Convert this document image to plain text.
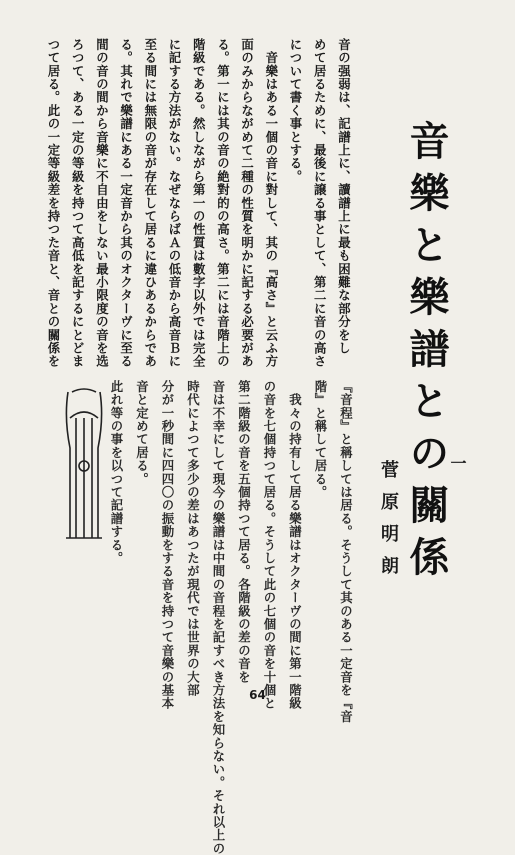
音の强弱は、記譜上に、讀譜上に最も困難な部分をし
めて居るために、最後に譲る事として、第二に音の高さ
について書く事とする。
　音樂はある一個の音に對して、其の『高さ』と云ふ方
面のみからながめて二種の性質を明かに記する必要があ
る。第一には其の音の絶對的の高さ。第二には音階上の
階級である。然しながら第一の性質は數字以外では完全
に記する方法がない。なぜならばＡの低音から高音Ｂに
至る間には無限の音が存在して居るに違ひあるからであ
る。其れで樂譜にある一定音から其のオクターヴに至る
間の音の間から音樂に不自由をしない最小限度の音を选
ろつて、ある一定の等級を持つて高低を記するにとどま
つて居る。此の一定等級差を持つた音と、音との關係を	音樂と樂譜との關係
一
菅原明朗
『音程』と稱しては居る。そうして其のある一定音を『音
階』と稱して居る。
　我々の持有して居る樂譜はオクターヴの間に第一階級
の音を七個持つて居る。そうして此の七個の音を十個と
第二階級の音を五個持つて居る。各階級の差の音を
音は不幸にして現今の樂譜は中間の音程を記すべき方法を知らない。それ以上の
時代によつて多少の差はあつたが現代では世界の大部
分が一秒間に四四〇の振動をする音を持つて音樂の基本
音と定めて居る。
此れ等の事を以つて記譜する。
64
